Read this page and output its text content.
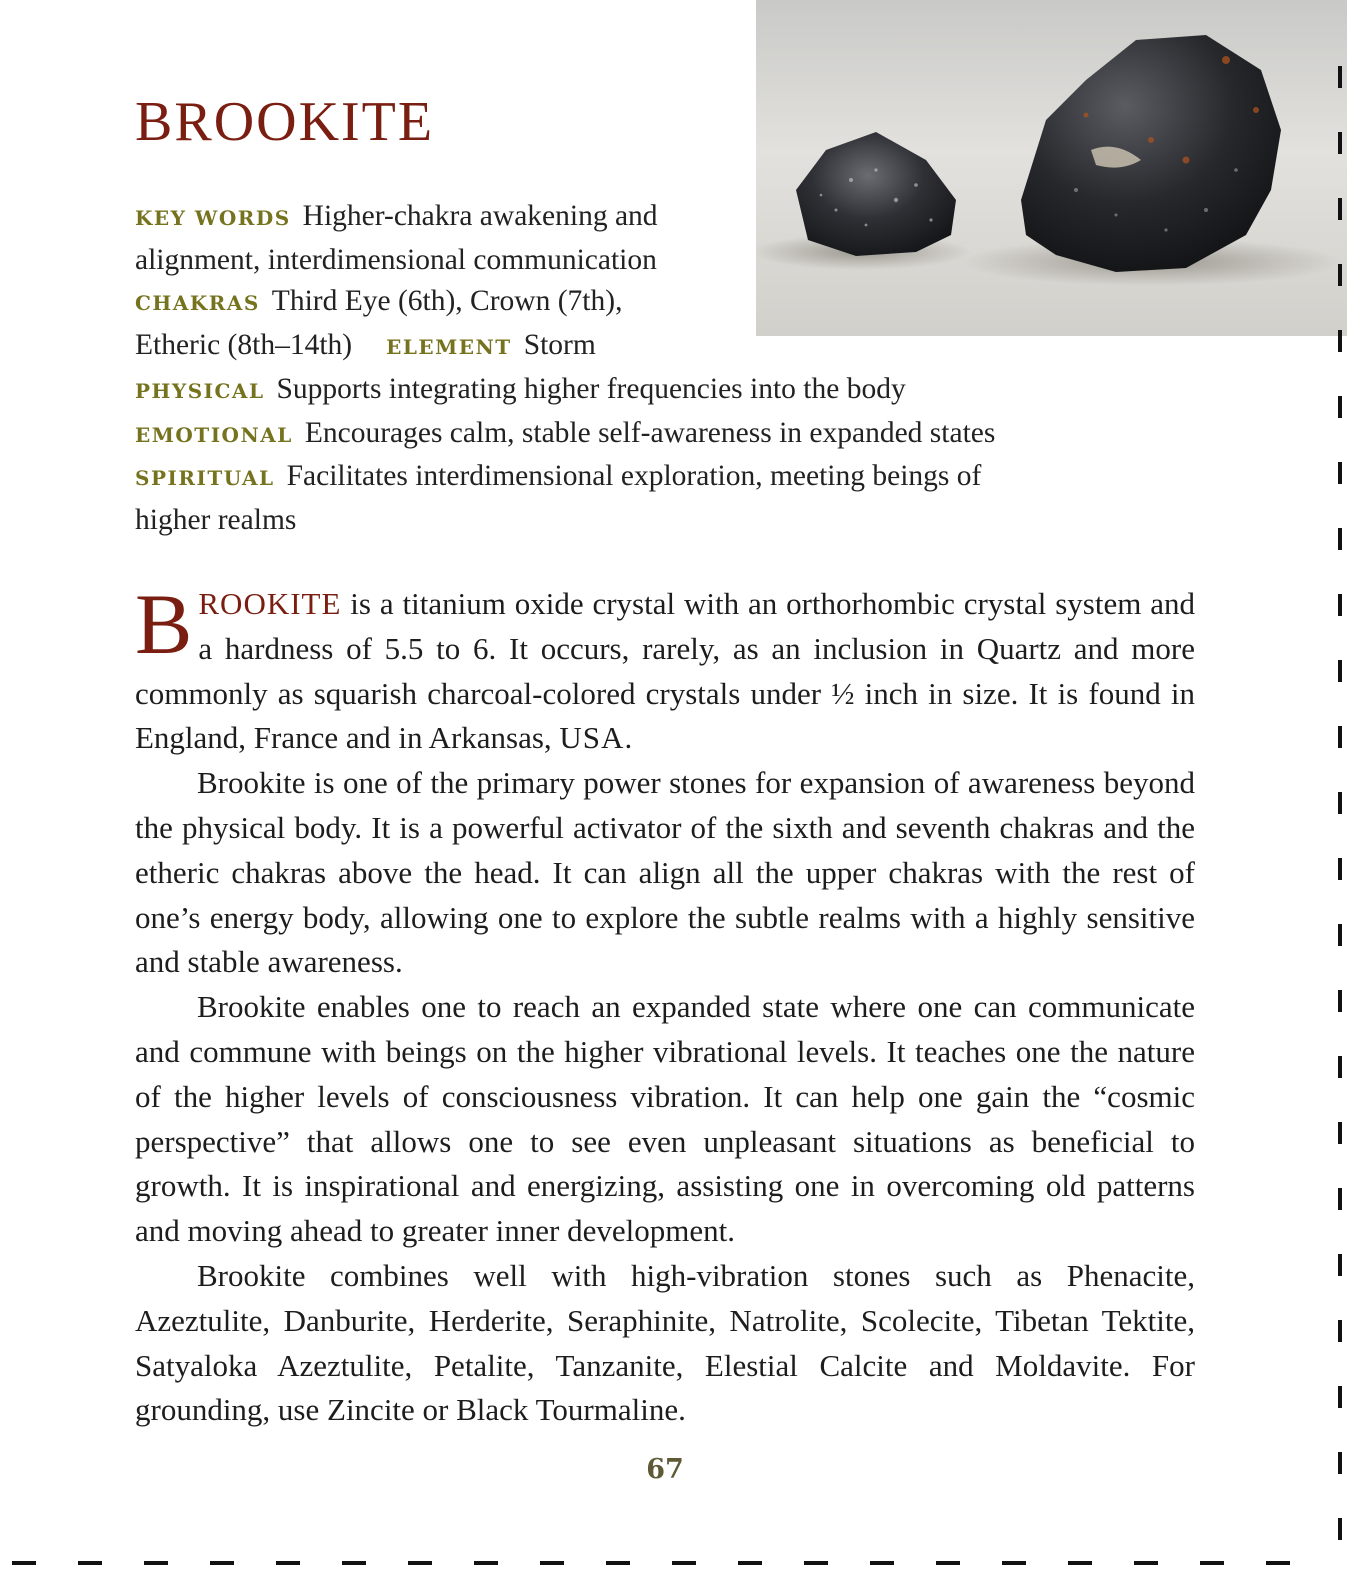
BROOKITE
KEY WORDS Higher-chakra awakening and
alignment, interdimensional communication
CHAKRAS Third Eye (6th), Crown (7th),
Etheric (8th–14th) ELEMENT Storm
PHYSICAL Supports integrating higher frequencies into the body
EMOTIONAL Encourages calm, stable self-awareness in expanded states
SPIRITUAL Facilitates interdimensional exploration, meeting beings of
higher realms

BROOKITE is a titanium oxide crystal with an orthorhombic crystal system and a hardness of 5.5 to 6. It occurs, rarely, as an inclusion in Quartz and more commonly as squarish charcoal-colored crystals under ½ inch in size. It is found in England, France and in Arkansas, USA.

Brookite is one of the primary power stones for expansion of awareness beyond the physical body. It is a powerful activator of the sixth and seventh chakras and the etheric chakras above the head. It can align all the upper chakras with the rest of one’s energy body, allowing one to explore the subtle realms with a highly sensitive and stable awareness.

Brookite enables one to reach an expanded state where one can communicate and commune with beings on the higher vibrational levels. It teaches one the nature of the higher levels of consciousness vibration. It can help one gain the “cosmic perspective” that allows one to see even unpleasant situations as beneficial to growth. It is inspirational and energizing, assisting one in overcoming old patterns and moving ahead to greater inner development.

Brookite combines well with high-vibration stones such as Phenacite, Azeztulite, Danburite, Herderite, Seraphinite, Natrolite, Scolecite, Tibetan Tektite, Satyaloka Azeztulite, Petalite, Tanzanite, Elestial Calcite and Moldavite. For grounding, use Zincite or Black Tourmaline.

67
